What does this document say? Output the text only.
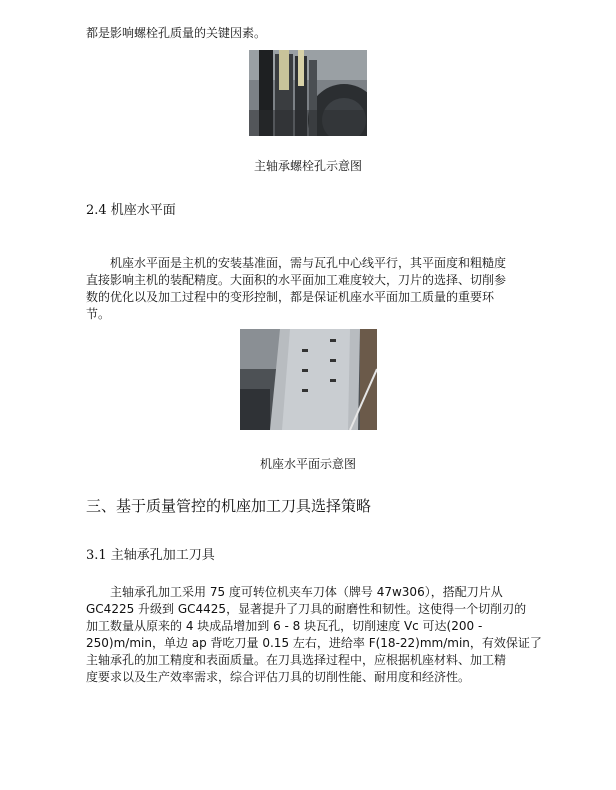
都是影响螺栓孔质量的关键因素。
主轴承螺栓孔示意图
2.4 机座水平面

机座水平面是主机的安装基准面，需与瓦孔中心线平行，其平面度和粗糙度

直接影响主机的装配精度。大面积的水平面加工难度较大，刀片的选择、切削参

数的优化以及加工过程中的变形控制，都是保证机座水平面加工质量的重要环

节。

机座水平面示意图
三、基于质量管控的机座加工刀具选择策略
3.1 主轴承孔加工刀具

主轴承孔加工采用 75 度可转位机夹车刀体（牌号 47w306），搭配刀片从

GC4225 升级到 GC4425，显著提升了刀具的耐磨性和韧性。这使得一个切削刃的

加工数量从原来的 4 块成品增加到 6 - 8 块瓦孔，切削速度 Vc 可达(200 -

250)m/min，单边 ap 背吃刀量 0.15 左右，进给率 F(18-22)mm/min，有效保证了

主轴承孔的加工精度和表面质量。在刀具选择过程中，应根据机座材料、加工精

度要求以及生产效率需求，综合评估刀具的切削性能、耐用度和经济性。
